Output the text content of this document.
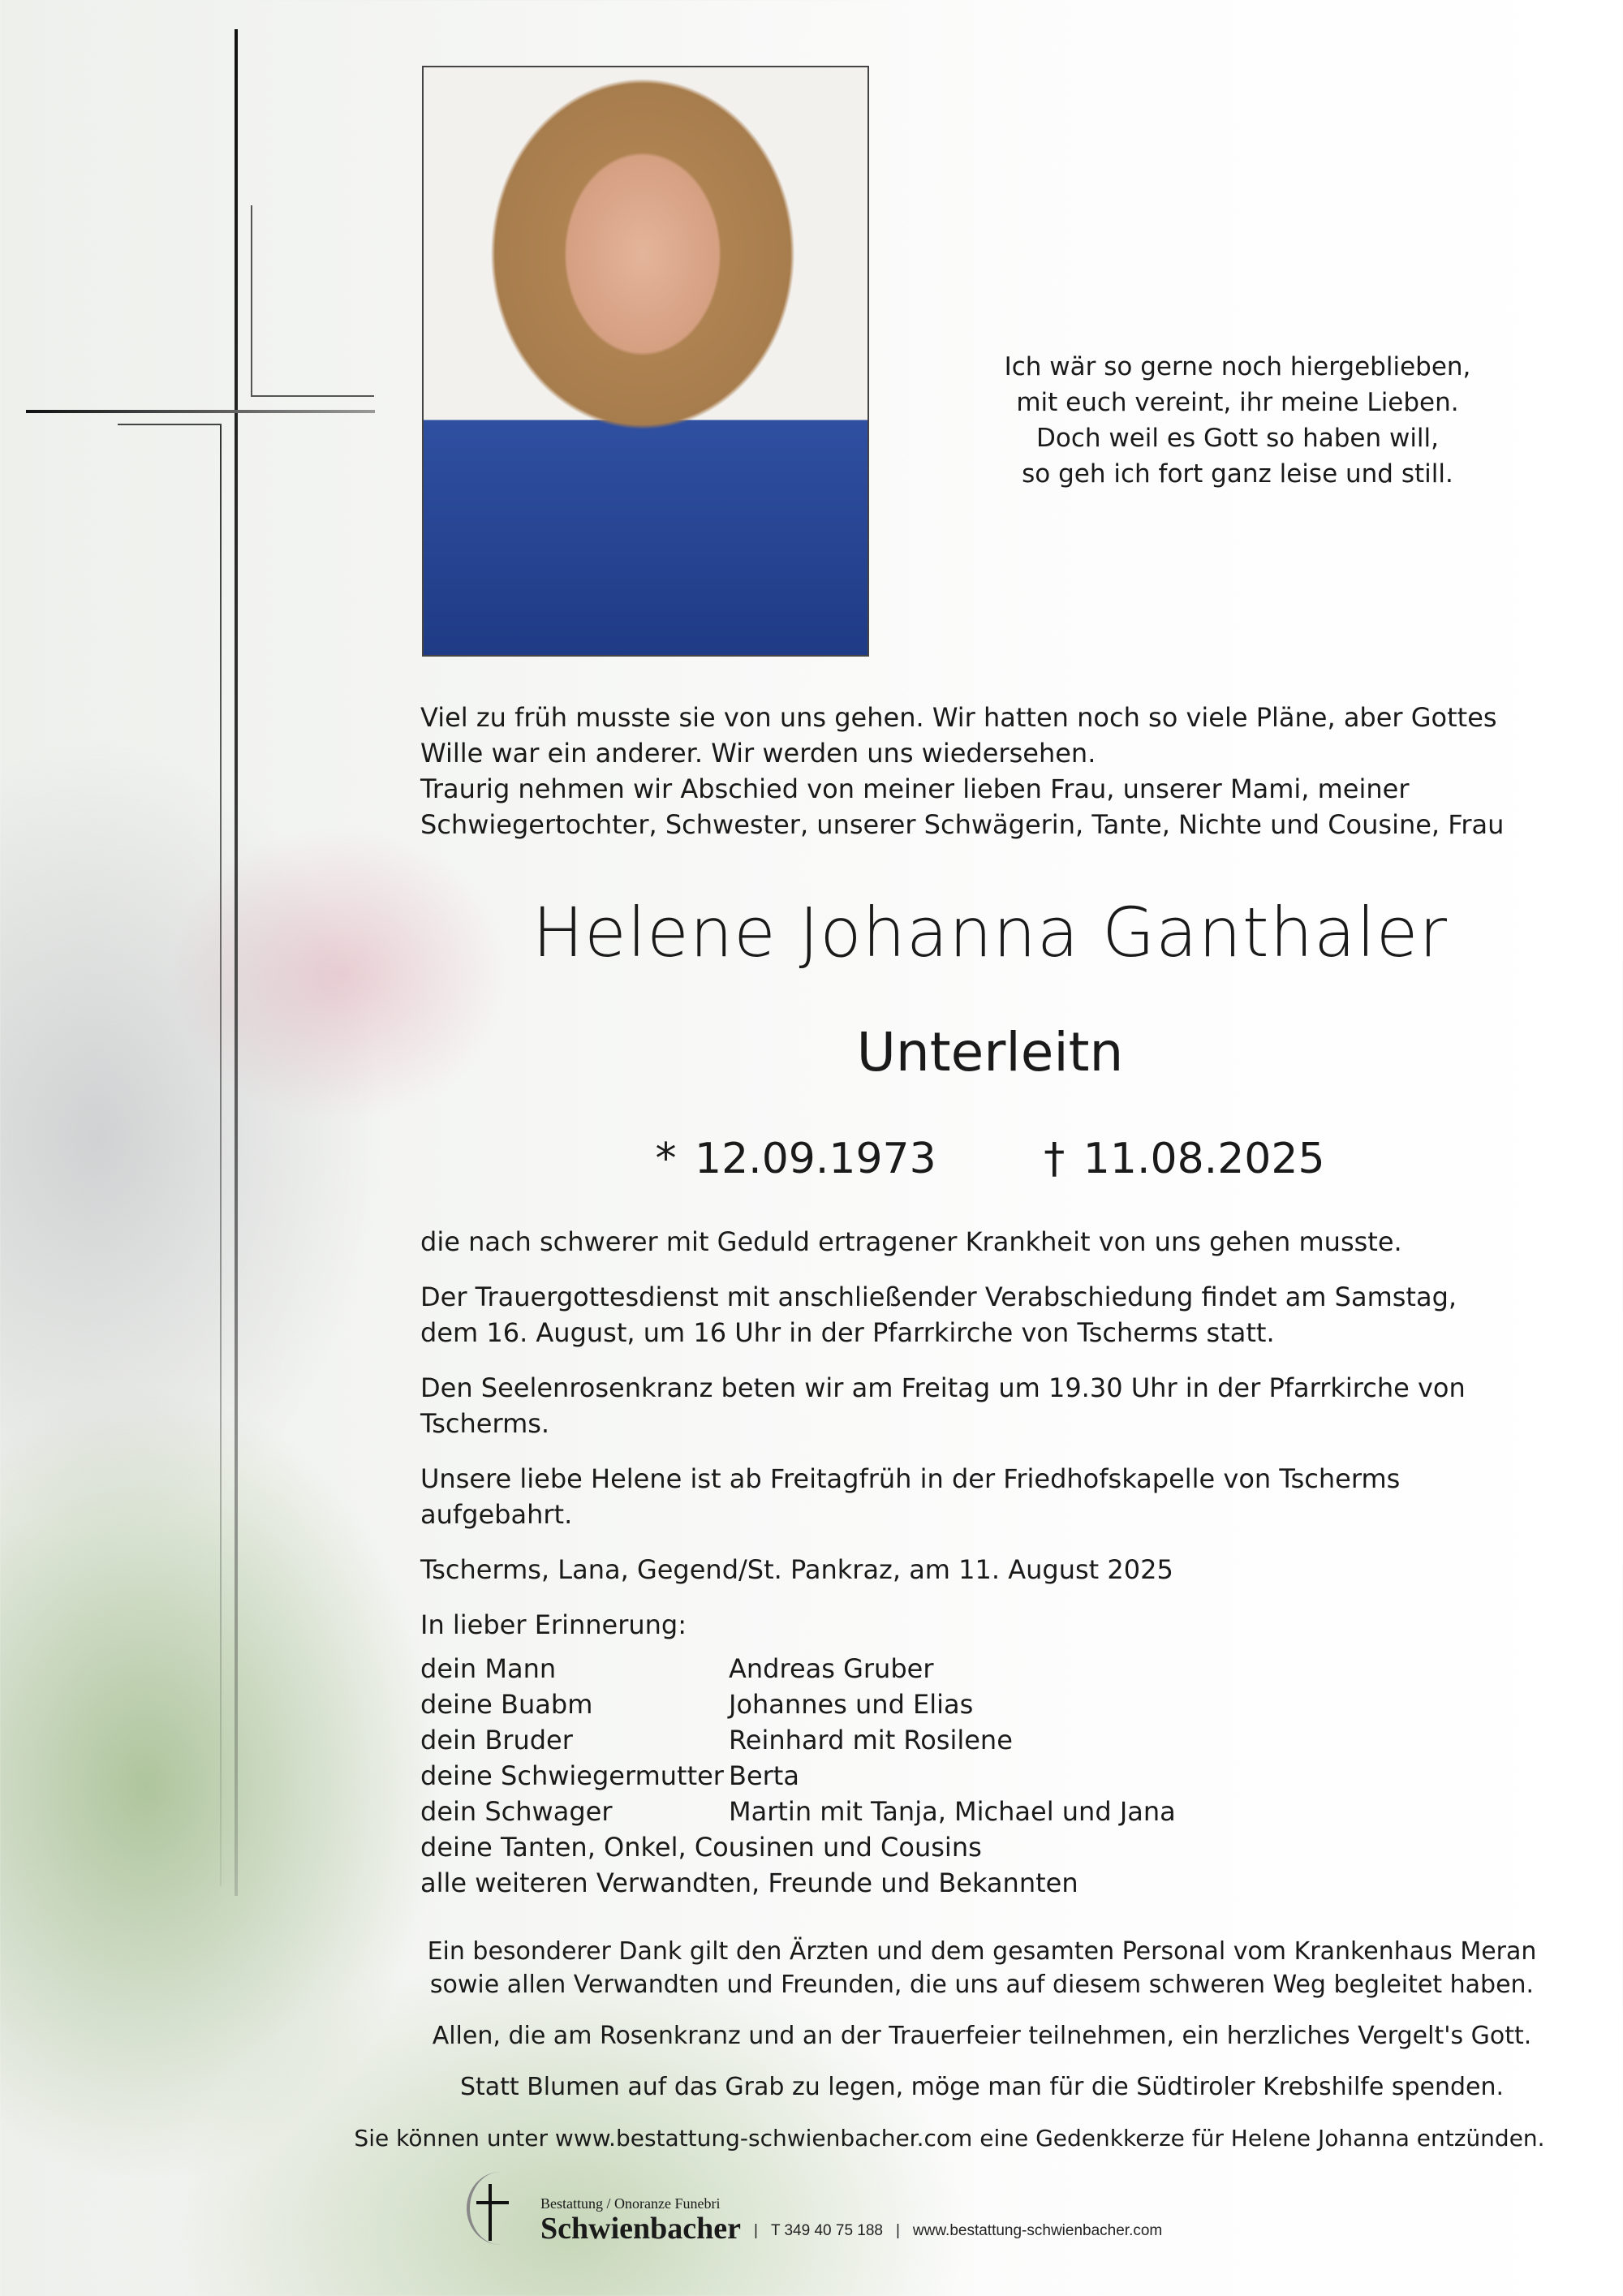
Ich wär so gerne noch hiergeblieben,
mit euch vereint, ihr meine Lieben.
Doch weil es Gott so haben will,
so geh ich fort ganz leise und still.
Viel zu früh musste sie von uns gehen. Wir hatten noch so viele Pläne, aber Gottes
Wille war ein anderer. Wir werden uns wiedersehen.
Traurig nehmen wir Abschied von meiner lieben Frau, unserer Mami, meiner
Schwiegertochter, Schwester, unserer Schwägerin, Tante, Nichte und Cousine, Frau
Helene Johanna Ganthaler
Unterleitn
* 12.09.1973	† 11.08.2025

die nach schwerer mit Geduld ertragener Krankheit von uns gehen musste.

Der Trauergottesdienst mit anschließender Verabschiedung findet am Samstag, dem 16. August, um 16 Uhr in der Pfarrkirche von Tscherms statt.

Den Seelenrosenkranz beten wir am Freitag um 19.30 Uhr in der Pfarrkirche von Tscherms.

Unsere liebe Helene ist ab Freitagfrüh in der Friedhofskapelle von Tscherms aufgebahrt.

Tscherms, Lana, Gegend/St. Pankraz, am 11. August 2025

In lieber Erinnerung:

dein Mann	Andreas Gruber
deine Buabm	Johannes und Elias
dein Bruder	Reinhard mit Rosilene
deine Schwiegermutter Berta
dein Schwager	Martin mit Tanja, Michael und Jana
deine Tanten, Onkel, Cousinen und Cousins
alle weiteren Verwandten, Freunde und Bekannten

Ein besonderer Dank gilt den Ärzten und dem gesamten Personal vom Krankenhaus Meran sowie allen Verwandten und Freunden, die uns auf diesem schweren Weg begleitet haben.

Allen, die am Rosenkranz und an der Trauerfeier teilnehmen, ein herzliches Vergelt's Gott.

Statt Blumen auf das Grab zu legen, möge man für die Südtiroler Krebshilfe spenden.

Sie können unter www.bestattung-schwienbacher.com eine Gedenkkerze für Helene Johanna entzünden.

Bestattung / Onoranze Funebri
Schwienbacher | T 349 40 75 188 | www.bestattung-schwienbacher.com
